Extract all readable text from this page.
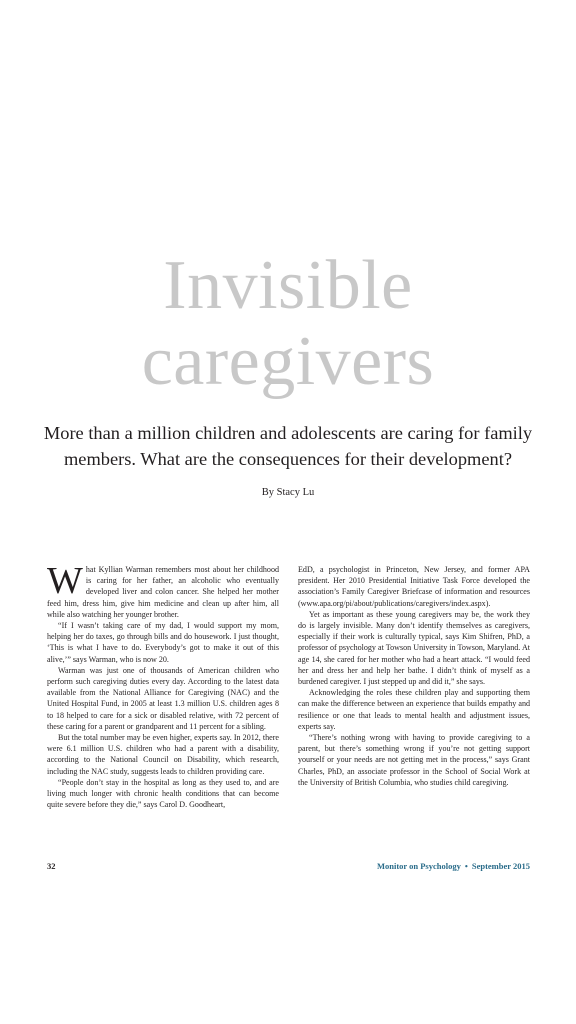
Invisible
caregivers

More than a million children and adolescents are caring for family members. What are the consequences for their development?

By Stacy Lu

What Kyllian Warman remembers most about her childhood is caring for her father, an alcoholic who eventually developed liver and colon cancer. She helped her mother feed him, dress him, give him medicine and clean up after him, all while also watching her younger brother.

“If I wasn’t taking care of my dad, I would support my mom, helping her do taxes, go through bills and do housework. I just thought, ‘This is what I have to do. Everybody’s got to make it out of this alive,’” says Warman, who is now 20.

Warman was just one of thousands of American children who perform such caregiving duties every day. According to the latest data available from the National Alliance for Caregiving (NAC) and the United Hospital Fund, in 2005 at least 1.3 million U.S. children ages 8 to 18 helped to care for a sick or disabled relative, with 72 percent of these caring for a parent or grandparent and 11 percent for a sibling.

But the total number may be even higher, experts say. In 2012, there were 6.1 million U.S. children who had a parent with a disability, according to the National Council on Disability, which research, including the NAC study, suggests leads to children providing care.

“People don’t stay in the hospital as long as they used to, and are living much longer with chronic health conditions that can become quite severe before they die,” says Carol D. Goodheart,

EdD, a psychologist in Princeton, New Jersey, and former APA president. Her 2010 Presidential Initiative Task Force developed the association’s Family Caregiver Briefcase of information and resources (www.apa.org/pi/about/publications/caregivers/index.aspx).

Yet as important as these young caregivers may be, the work they do is largely invisible. Many don’t identify themselves as caregivers, especially if their work is culturally typical, says Kim Shifren, PhD, a professor of psychology at Towson University in Towson, Maryland. At age 14, she cared for her mother who had a heart attack. “I would feed her and dress her and help her bathe. I didn’t think of myself as a burdened caregiver. I just stepped up and did it,” she says.

Acknowledging the roles these children play and supporting them can make the difference between an experience that builds empathy and resilience or one that leads to mental health and adjustment issues, experts say.

“There’s nothing wrong with having to provide caregiving to a parent, but there’s something wrong if you’re not getting support yourself or your needs are not getting met in the process,” says Grant Charles, PhD, an associate professor in the School of Social Work at the University of British Columbia, who studies child caregiving.

32	Monitor on Psychology • September 2015
